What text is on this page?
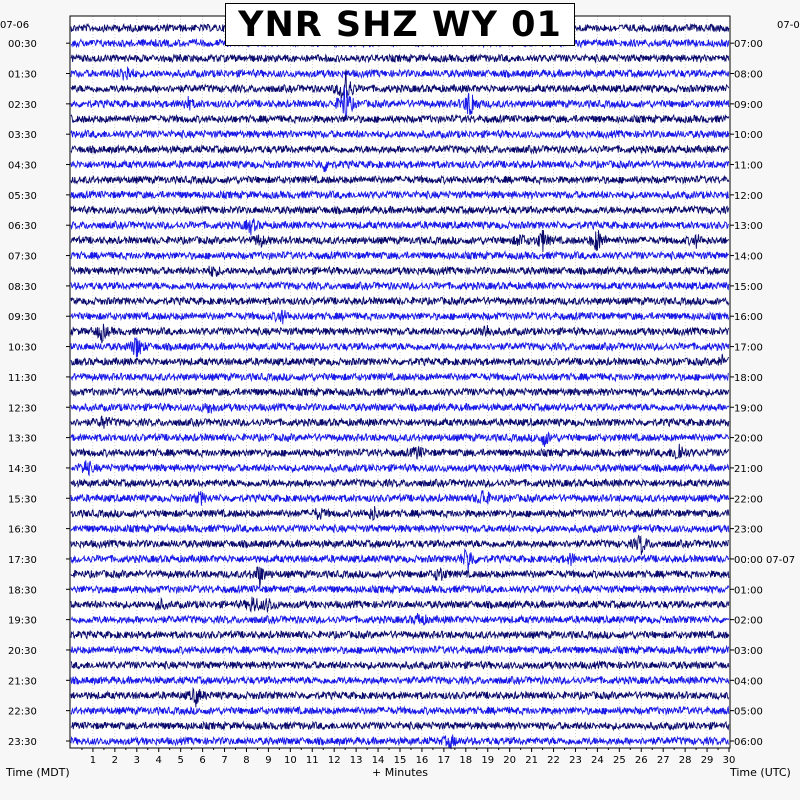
00:30
01:30
02:30
03:30
04:30
05:30
06:30
07:30
08:30
09:30
10:30
11:30
12:30
13:30
14:30
15:30
16:30
17:30
18:30
19:30
20:30
21:30
22:30
23:30
07:00
08:00
09:00
10:00
11:00
12:00
13:00
14:00
15:00
16:00
17:00
18:00
19:00
20:00
21:00
22:00
23:00
00:00 07-07
01:00
02:00
03:00
04:00
05:00
06:00
1 2 3 4 5 6 7 8 9 10 11 12 13 14 15 16 17 18 19 20 21 22 23 24 25 26 27 28 29 30
YNR SHZ WY 01
07-06	07-0
Time (MDT)	+ Minutes	Time (UTC)
